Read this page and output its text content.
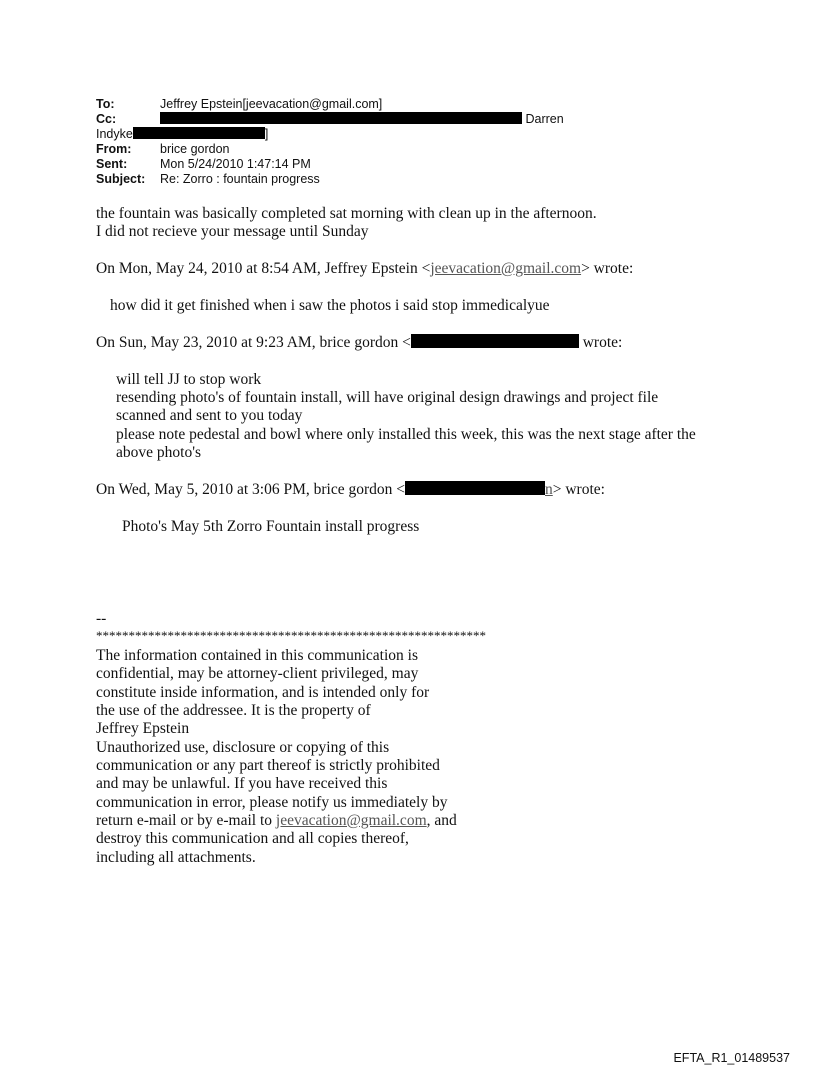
To:	Jeffrey Epstein[jeevacation@gmail.com]
Cc:	Darren
Indyke	]
From: brice gordon
Sent:	Mon 5/24/2010 1:47:14 PM
Subject: Re: Zorro : fountain progress
the fountain was basically completed sat morning with clean up in the afternoon.
I did not recieve your message until Sunday
On Mon, May 24, 2010 at 8:54 AM, Jeffrey Epstein <jeevacation@gmail.com> wrote:
how did it get finished when i saw the photos i said stop immedicalyue
On Sun, May 23, 2010 at 9:23 AM, brice gordon <	wrote:
will tell JJ to stop work
resending photo's of fountain install, will have original design drawings and project file
scanned and sent to you today
please note pedestal and bowl where only installed this week, this was the next stage after the
above photo's
On Wed, May 5, 2010 at 3:06 PM, brice gordon <	n> wrote:
Photo's May 5th Zorro Fountain install progress
--
************************************************************
The information contained in this communication is
confidential, may be attorney-client privileged, may
constitute inside information, and is intended only for
the use of the addressee. It is the property of
Jeffrey Epstein
Unauthorized use, disclosure or copying of this
communication or any part thereof is strictly prohibited
and may be unlawful. If you have received this
communication in error, please notify us immediately by
return e-mail or by e-mail to jeevacation@gmail.com, and
destroy this communication and all copies thereof,
including all attachments.
EFTA_R1_01489537
